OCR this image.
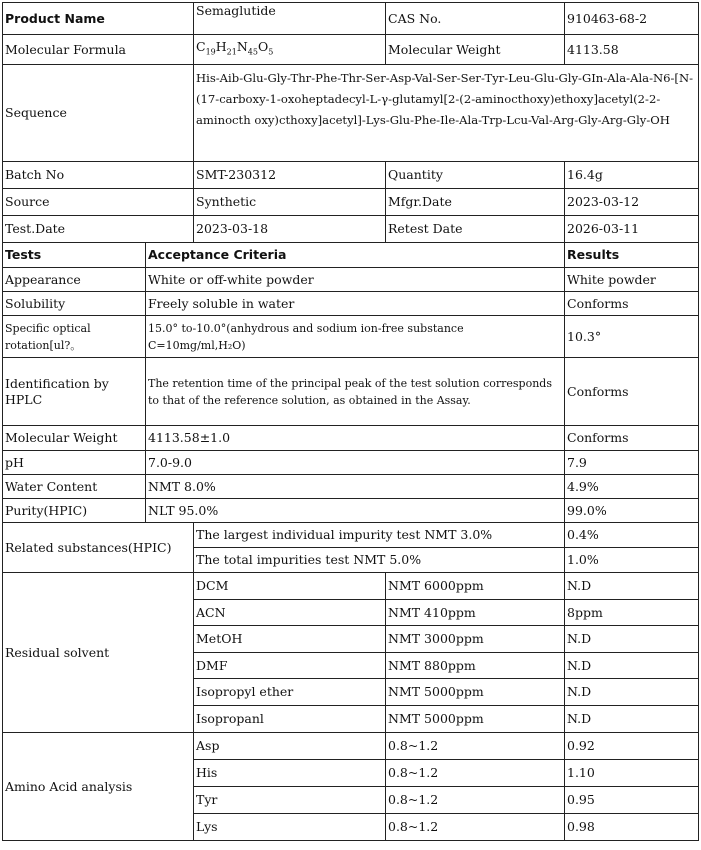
Product Name		Semaglutide	CAS No.	910463-68-2
Molecular Formula		$C_{19}H_{21}N_{45}O_5$	Molecular Weight	4113.58
Sequence		His-Aib-Glu-Gly-Thr-Phe-Thr-Ser-Asp-Val-Ser-Ser-Tyr-Leu-Glu-Gly-GIn-Ala-Ala-N6-[N-(17-carboxy-1-oxoheptadecyl-L-γ-glutamyl[2-(2-aminocthoxy)ethoxy]acetyl(2-2-aminocth oxy)cthoxy]acetyl]-Lys-Glu-Phe-Ile-Ala-Trp-Lcu-Val-Arg-Gly-Arg-Gly-OH		
Batch No		SMT-230312	Quantity	16.4g
Source		Synthetic	Mfgr.Date	2023-03-12
Test.Date		2023-03-18	Retest Date	2026-03-11
Tests	Acceptance Criteria			Results
Appearance	White or off-white powder			White powder
Solubility	Freely soluble in water			Conforms
Specific optical rotation[ul?。	15.0° to-10.0°(anhydrous and sodium ion-free substance C=10mg/ml,H₂O)			10.3°
Identification by HPLC	The retention time of the principal peak of the test solution corresponds to that of the reference solution, as obtained in the Assay.			Conforms
Molecular Weight	4113.58±1.0			Conforms
pH	7.0-9.0			7.9
Water Content	NMT 8.0%			4.9%
Purity(HPIC)	NLT 95.0%			99.0%
Related substances(HPIC)		The largest individual impurity test NMT 3.0%		0.4%
		The total impurities test NMT 5.0%		1.0%
Residual solvent		DCM	NMT 6000ppm	N.D
		ACN	NMT 410ppm	8ppm
		MetOH	NMT 3000ppm	N.D
		DMF	NMT 880ppm	N.D
		Isopropyl ether	NMT 5000ppm	N.D
		Isopropanl	NMT 5000ppm	N.D
Amino Acid analysis		Asp	0.8~1.2	0.92
		His	0.8~1.2	1.10
		Tyr	0.8~1.2	0.95
		Lys	0.8~1.2	0.98
